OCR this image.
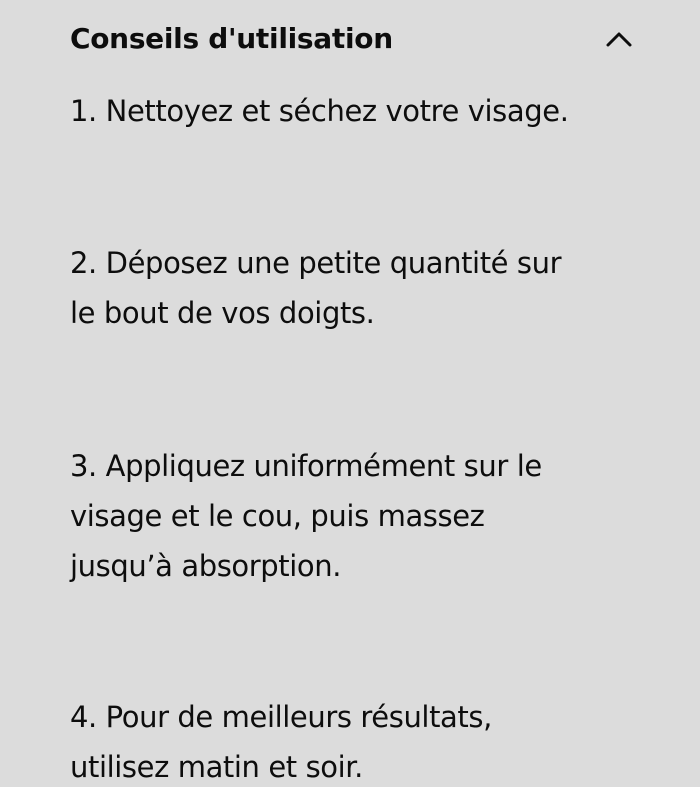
Conseils d'utilisation

1. Nettoyez et séchez votre visage.

2. Déposez une petite quantité sur
le bout de vos doigts.

3. Appliquez uniformément sur le
visage et le cou, puis massez
jusqu’à absorption.

4. Pour de meilleurs résultats,
utilisez matin et soir.
